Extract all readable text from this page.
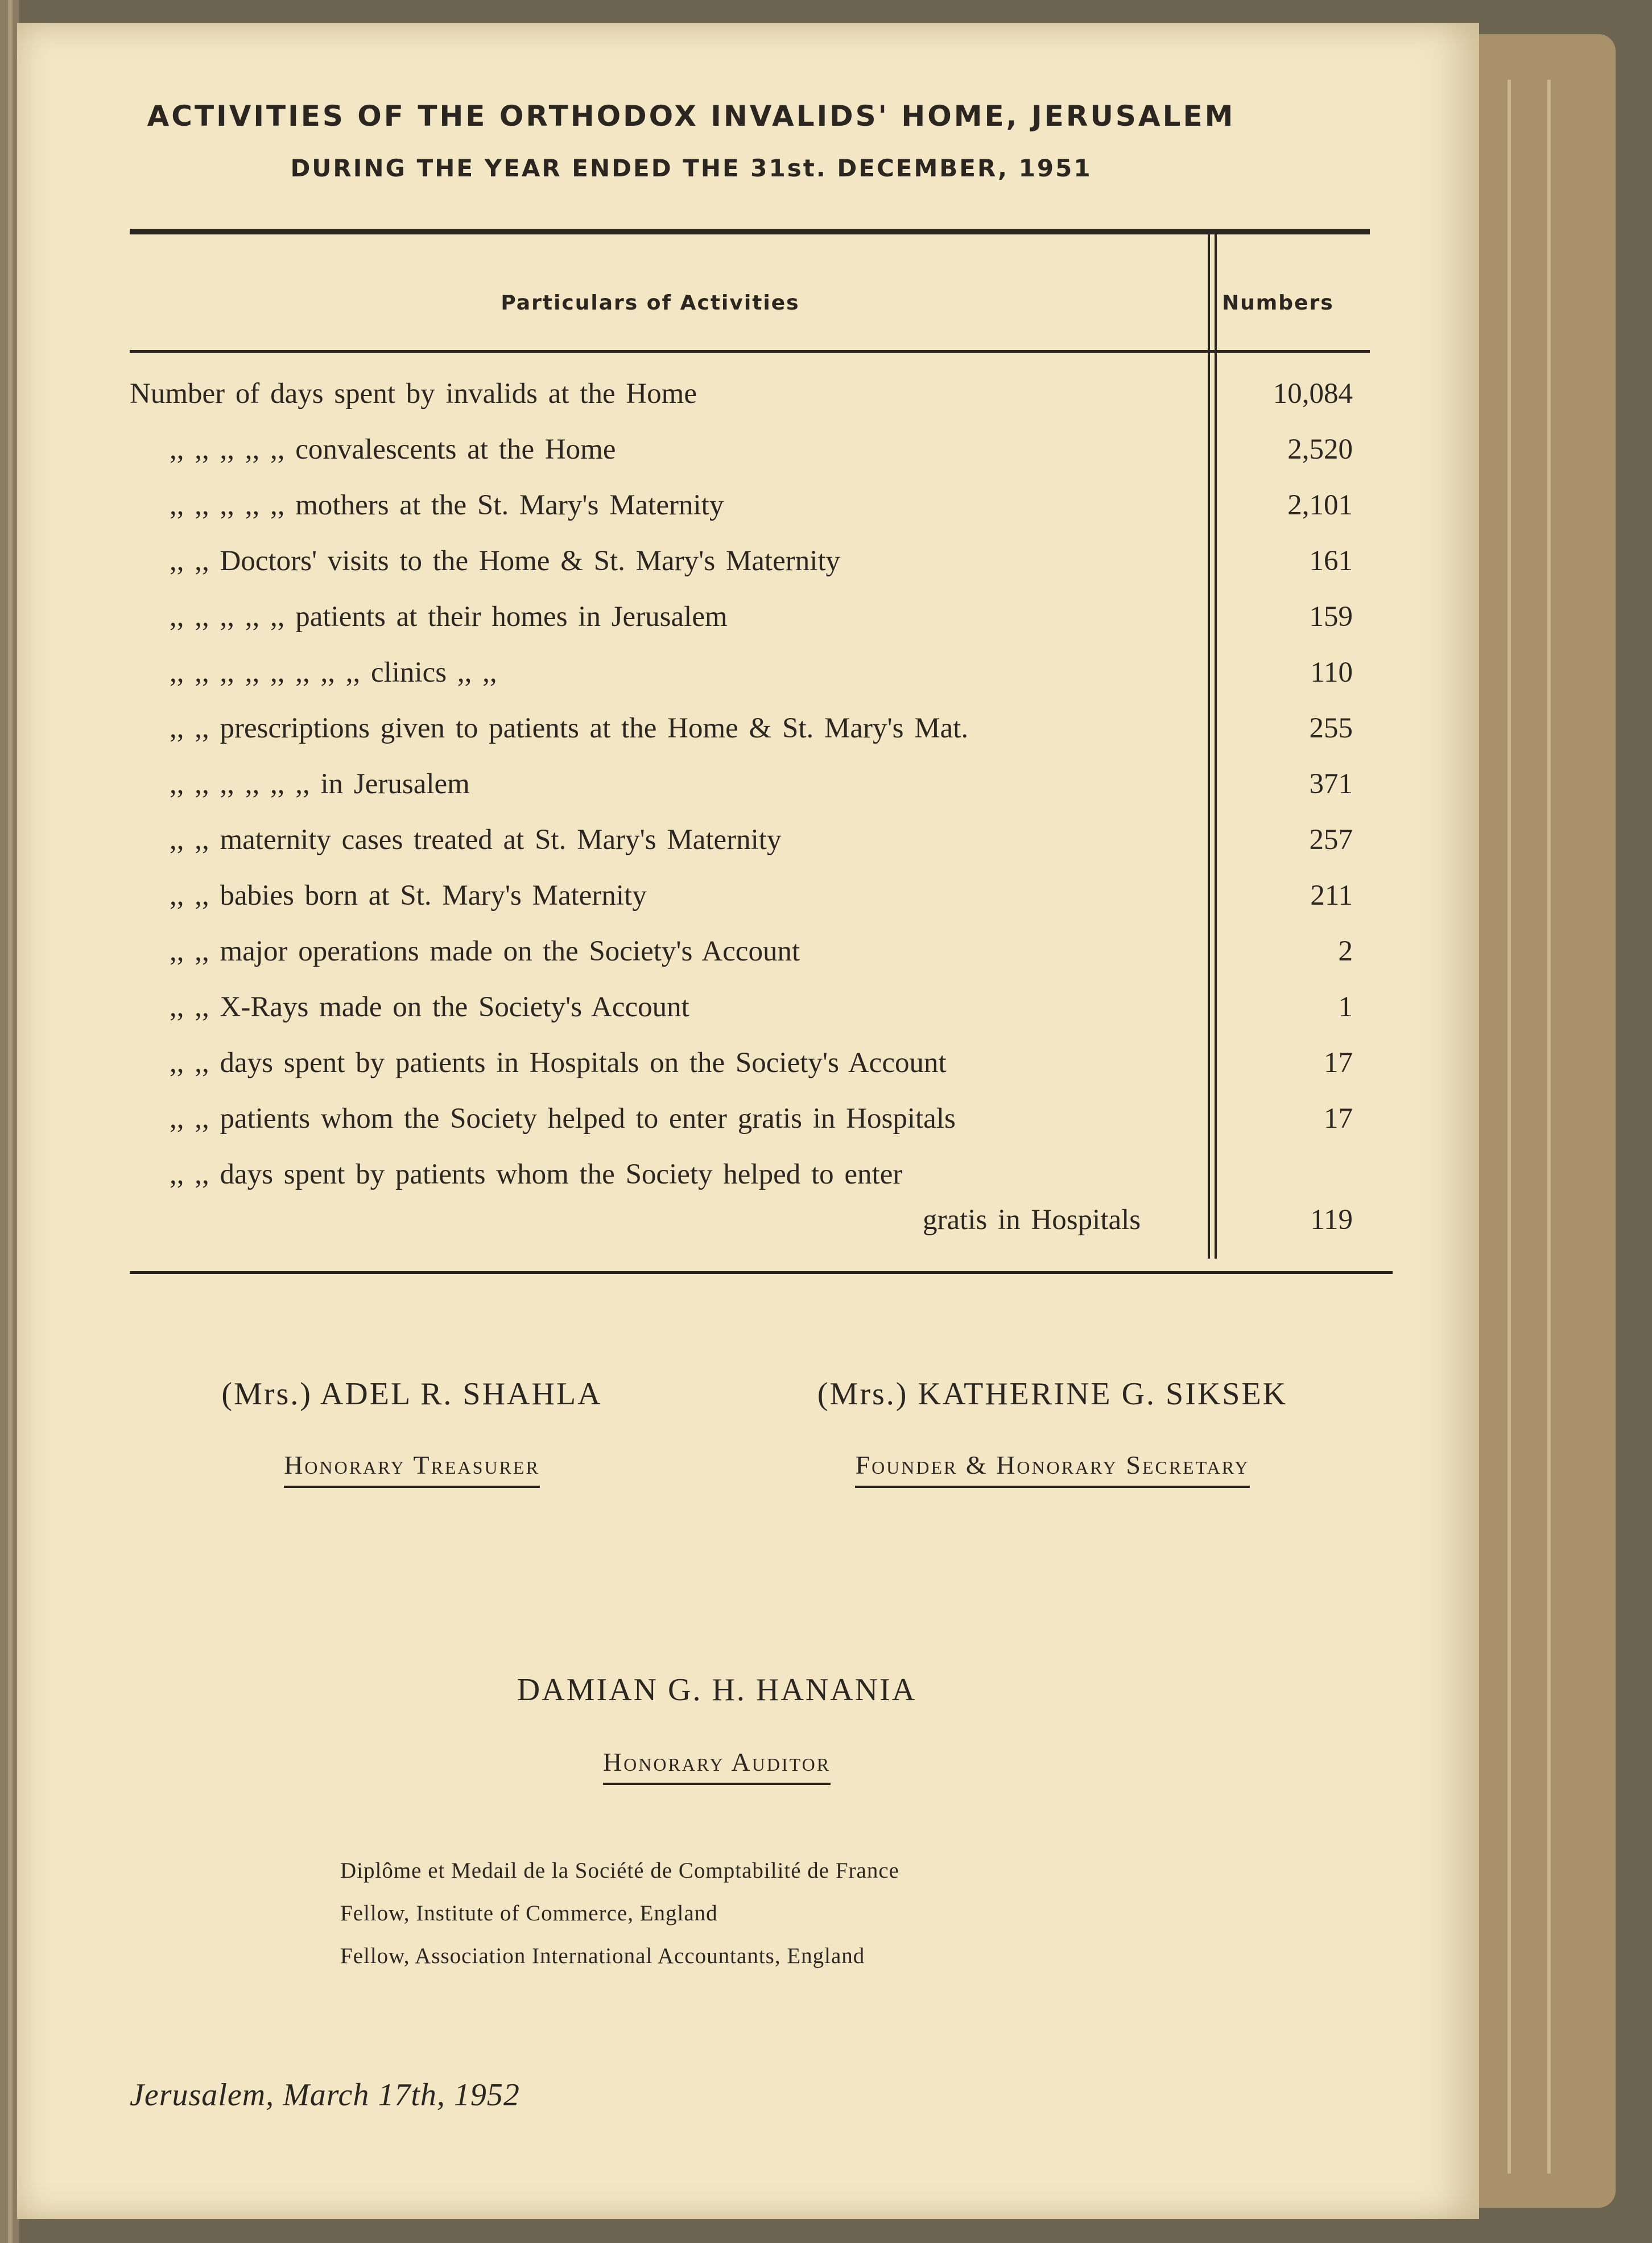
ACTIVITIES OF THE ORTHODOX INVALIDS' HOME, JERUSALEM
DURING THE YEAR ENDED THE 31st. DECEMBER, 1951
Particulars of Activities	Numbers
Number of days spent by invalids at the Home	10,084
,, ,, ,, ,, ,, convalescents at the Home	2,520
,, ,, ,, ,, ,, mothers at the St. Mary's Maternity	2,101
,, ,, Doctors' visits to the Home & St. Mary's Maternity	161
,, ,, ,, ,, ,, patients at their homes in Jerusalem	159
,, ,, ,, ,, ,, ,, ,, ,, clinics ,, ,,	110
,, ,, prescriptions given to patients at the Home & St. Mary's Mat.	255
,, ,, ,, ,, ,, ,, in Jerusalem	371
,, ,, maternity cases treated at St. Mary's Maternity	257
,, ,, babies born at St. Mary's Maternity	211
,, ,, major operations made on the Society's Account	2
,, ,, X-Rays made on the Society's Account	1
,, ,, days spent by patients in Hospitals on the Society's Account	17
,, ,, patients whom the Society helped to enter gratis in Hospitals	17
,, ,, days spent by patients whom the Society helped to enter
gratis in Hospitals	119
(Mrs.) ADEL R. SHAHLA
Honorary Treasurer
(Mrs.) KATHERINE G. SIKSEK
Founder & Honorary Secretary
DAMIAN G. H. HANANIA
Honorary Auditor
Diplôme et Medail de la Société de Comptabilité de France
Fellow, Institute of Commerce, England
Fellow, Association International Accountants, England
Jerusalem, March 17th, 1952
